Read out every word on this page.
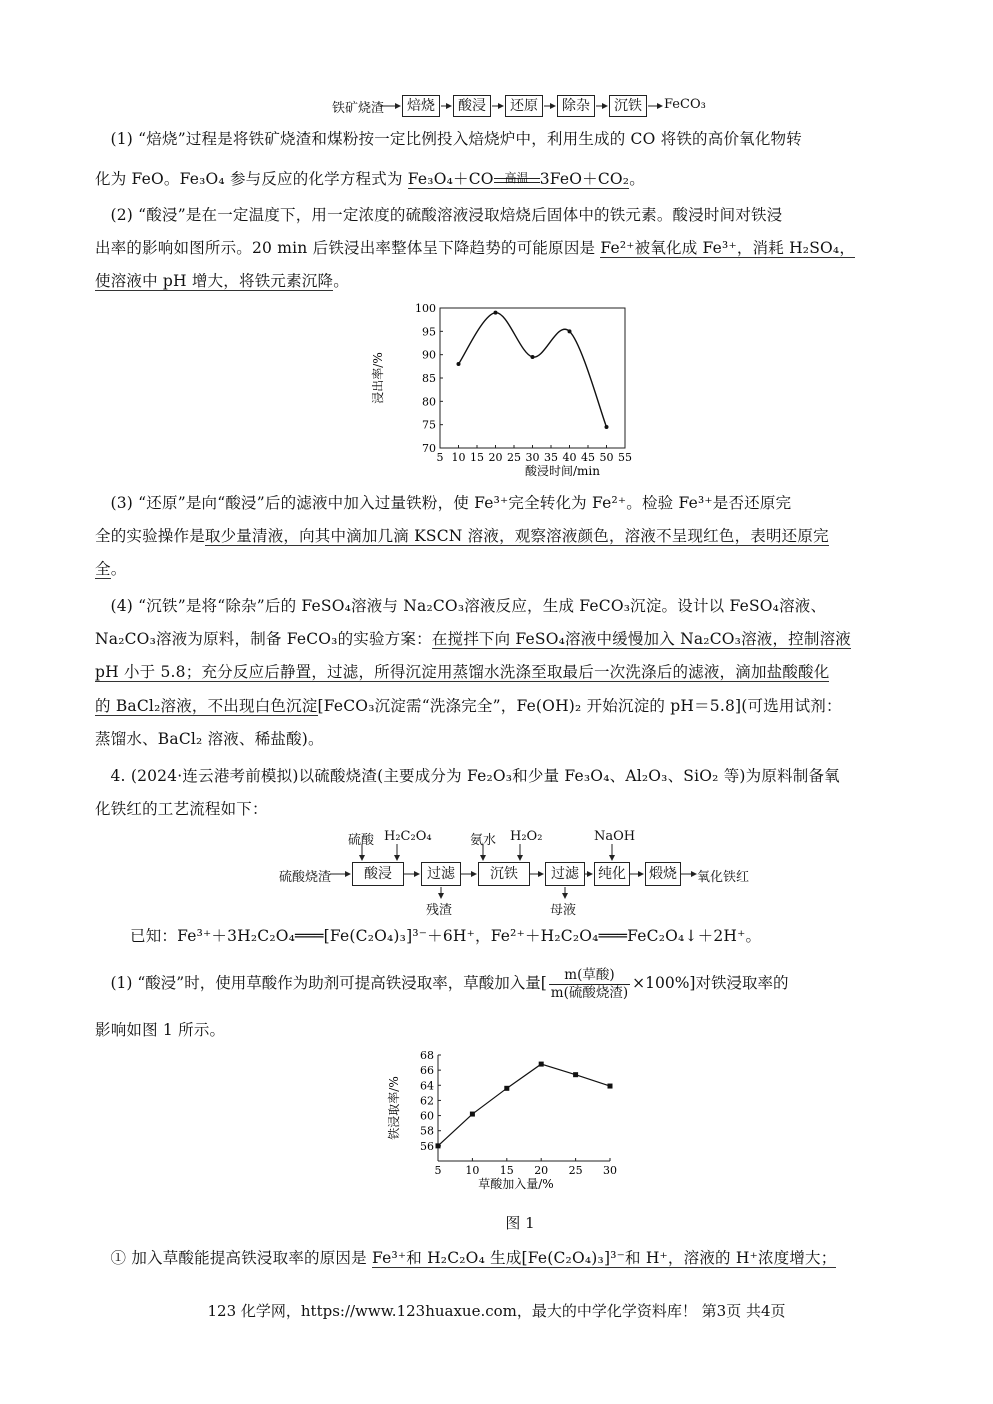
铁矿烧渣	焙烧	酸浸	还原	除杂	沉铁	FeCO₃
(1) “焙烧”过程是将铁矿烧渣和煤粉按一定比例投入焙烧炉中，利用生成的 CO 将铁的高价氧化物转
化为 FeO。Fe₃O₄ 参与反应的化学方程式为 Fe₃O₄＋CO 高温 3FeO＋CO₂。
(2) “酸浸”是在一定温度下，用一定浓度的硫酸溶液浸取焙烧后固体中的铁元素。酸浸时间对铁浸
出率的影响如图所示。20 min 后铁浸出率整体呈下降趋势的可能原因是 Fe²⁺被氧化成 Fe³⁺，消耗 H₂SO₄，
使溶液中 pH 增大，将铁元素沉降。
5 10 15 20 25 30 35 40 45 50 55
70
75
80
85
90
95
100
酸浸时间/min
浸出率/%
(3) “还原”是向“酸浸”后的滤液中加入过量铁粉，使 Fe³⁺完全转化为 Fe²⁺。检验 Fe³⁺是否还原完
全的实验操作是取少量清液，向其中滴加几滴 KSCN 溶液，观察溶液颜色，溶液不呈现红色，表明还原完
全。
(4) “沉铁”是将“除杂”后的 FeSO₄溶液与 Na₂CO₃溶液反应，生成 FeCO₃沉淀。设计以 FeSO₄溶液、
Na₂CO₃溶液为原料，制备 FeCO₃的实验方案：在搅拌下向 FeSO₄溶液中缓慢加入 Na₂CO₃溶液，控制溶液
pH 小于 5.8；充分反应后静置，过滤，所得沉淀用蒸馏水洗涤至取最后一次洗涤后的滤液，滴加盐酸酸化
的 BaCl₂溶液，不出现白色沉淀[FeCO₃沉淀需“洗涤完全”，Fe(OH)₂ 开始沉淀的 pH＝5.8](可选用试剂：
蒸馏水、BaCl₂ 溶液、稀盐酸)。
4. (2024·连云港考前模拟)以硫酸烧渣(主要成分为 Fe₂O₃和少量 Fe₃O₄、Al₂O₃、SiO₂ 等)为原料制备氧
化铁红的工艺流程如下：
硫酸 H₂C₂O₄	氨水 H₂O₂	NaOH
硫酸烧渣	酸浸	过滤	沉铁	过滤	纯化 煅烧	氧化铁红
残渣	母液
已知：Fe³⁺＋3H₂C₂O₄═══[Fe(C₂O₄)₃]³⁻＋6H⁺，Fe²⁺＋H₂C₂O₄═══FeC₂O₄↓＋2H⁺。
(1) “酸浸”时，使用草酸作为助剂可提高铁浸取率，草酸加入量[	m(草酸)
m(硫酸烧渣)
×100%]对铁浸取率的
影响如图 1 所示。
5 10 15 20 25 30
56
58
60
62
64
66
68
草酸加入量/%
铁浸取率/%
图 1
① 加入草酸能提高铁浸取率的原因是 Fe³⁺和 H₂C₂O₄ 生成[Fe(C₂O₄)₃]³⁻和 H⁺，溶液的 H⁺浓度增大；
123 化学网，https://www.123huaxue.com，最大的中学化学资料库！ 第3页 共4页
